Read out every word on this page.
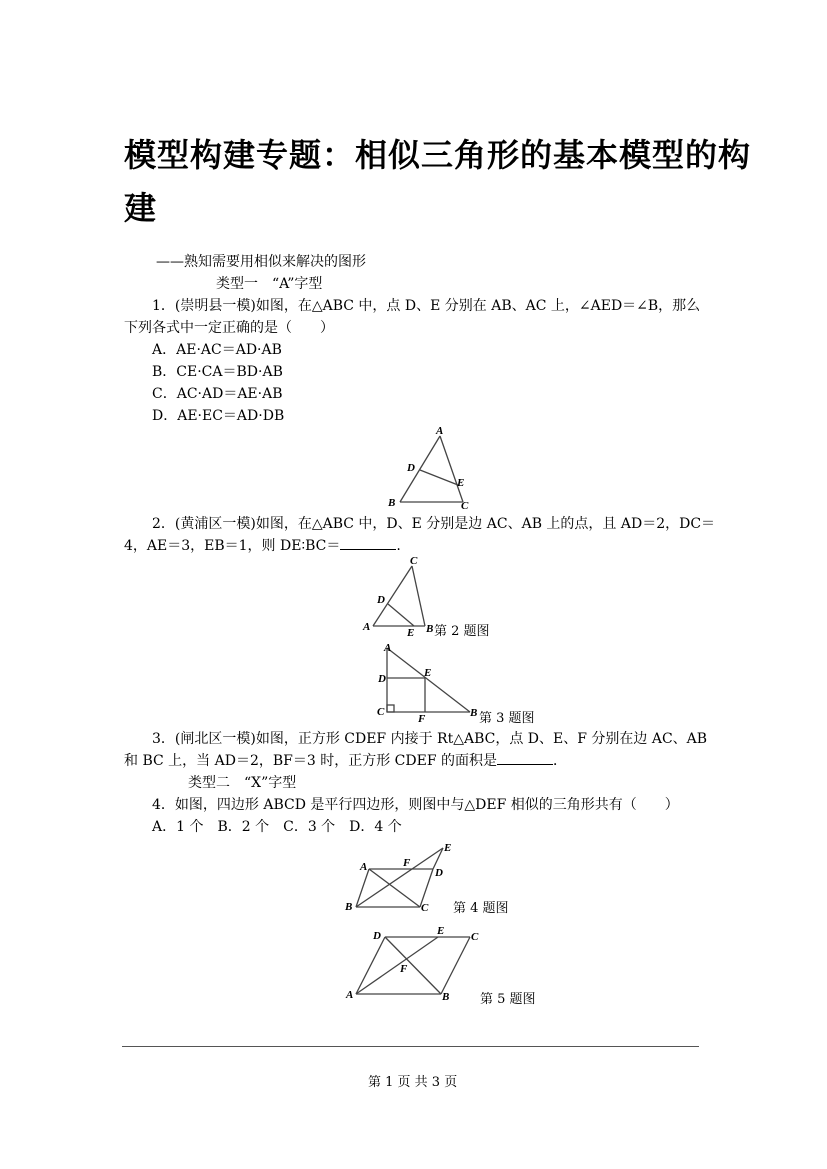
模型构建专题：相似三角形的基本模型的构
建
——熟知需要用相似来解决的图形
类型一　“A”字型
1．(崇明县一模)如图，在△ABC 中，点 D、E 分别在 AB、AC 上，∠AED＝∠B，那么
下列各式中一定正确的是（　　）
A．AE·AC＝AD·AB
B．CE·CA＝BD·AB
C．AC·AD＝AE·AB
D．AE·EC＝AD·DB
A
D
E
B	C
2．(黄浦区一模)如图，在△ABC 中，D、E 分别是边 AC、AB 上的点，且 AD＝2，DC＝
4，AE＝3，EB＝1，则 DE∶BC＝	.
C
D
A	E B 第 2 题图
A
D	E
C
F	B 第 3 题图
3．(闸北区一模)如图，正方形 CDEF 内接于 Rt△ABC，点 D、E、F 分别在边 AC、AB
和 BC 上，当 AD＝2，BF＝3 时，正方形 CDEF 的面积是	．
类型二　“X”字型
4．如图，四边形 ABCD 是平行四边形，则图中与△DEF 相似的三角形共有（　　）
A．1 个　B．2 个　C．3 个　D．4 个
A	F
E
D
B	C 第 4 题图
D	E C
F
A	B 第 5 题图
第 1 页 共 3 页
